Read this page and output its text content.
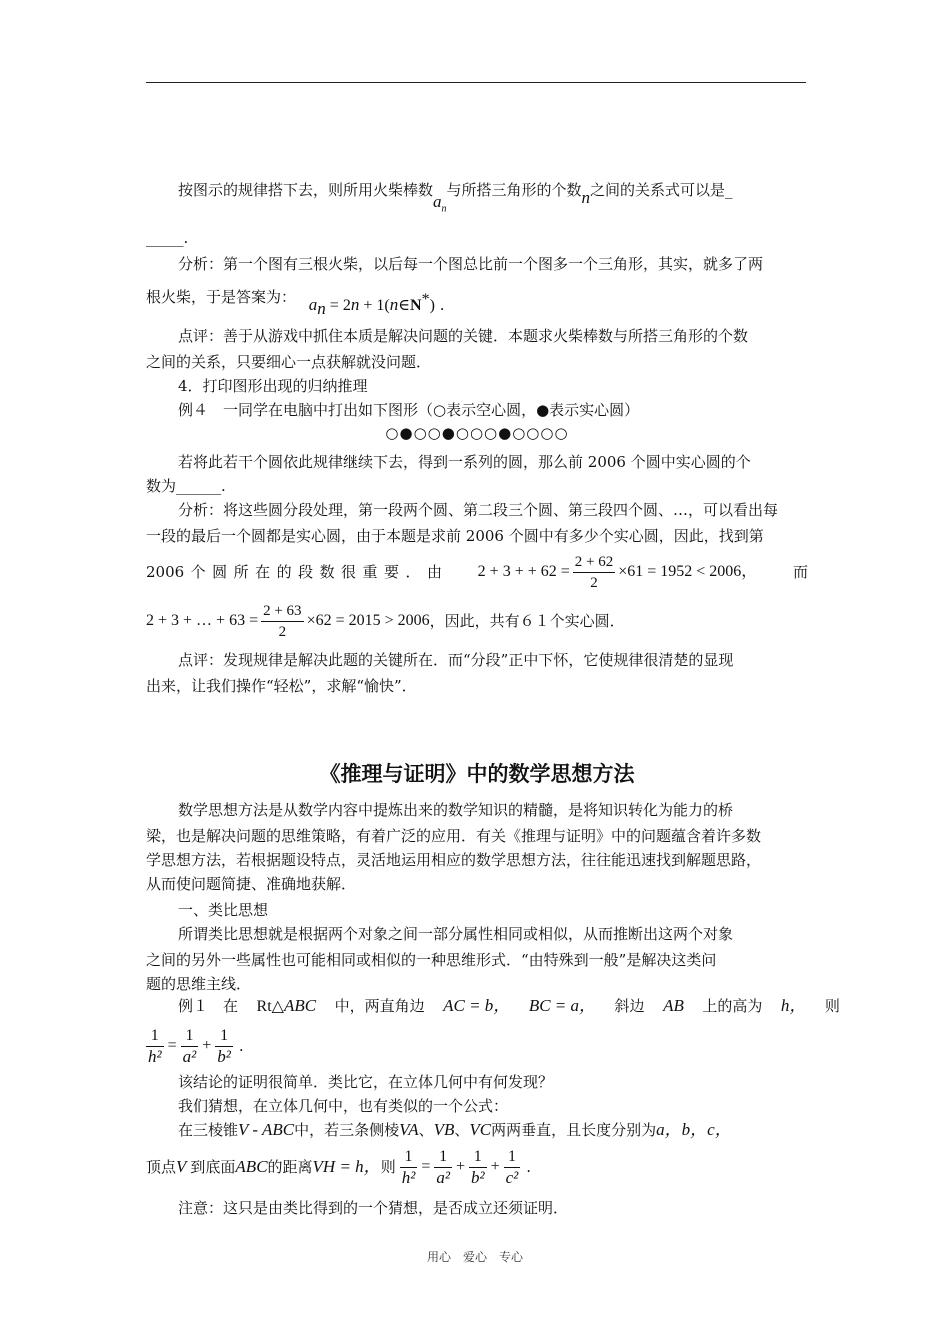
按图示的规律搭下去，则所用火柴棒数$a_n$与所搭三角形的个数n之间的关系式可以是_
_____.
分析：第一个图有三根火柴，以后每一个图总比前一个图多一个三角形，其实，就多了两
根火柴，于是答案为： $a_n = 2n$ + 1(n∈N*) .
点评：善于从游戏中抓住本质是解决问题的关键．本题求火柴棒数与所搭三角形的个数
之间的关系，只要细心一点获解就没问题．
4．打印图形出现的归纳推理
例４　一同学在电脑中打出如下图形（○表示空心圆，●表示实心圆）
○●○○●○○○●○○○○
若将此若干个圆依此规律继续下去，得到一系列的圆，那么前 2006 个圆中实心圆的个
数为______.
分析：将这些圆分段处理，第一段两个圆、第二段三个圆、第三段四个圆、…，可以看出每
一段的最后一个圆都是实心圆，由于本题是求前 2006 个圆中有多少个实心圆，因此，找到第
2006 个 圆 所 在 的 段 数 很 重 要 ． 由 2 + 3 + + $62 = \frac{2 + 62}{2} \times 61 = 1952 < 2006$， 而
2 + 3 + … + $63 = \frac{2 + 63}{2} \times 62 = 2015 > 2006$ ，因此，共有６１个实心圆．
点评：发现规律是解决此题的关键所在．而“分段”正中下怀，它使规律很清楚的显现
出来，让我们操作“轻松”，求解“愉快”．
《推理与证明》中的数学思想方法
数学思想方法是从数学内容中提炼出来的数学知识的精髓，是将知识转化为能力的桥
梁，也是解决问题的思维策略，有着广泛的应用．有关《推理与证明》中的问题蕴含着许多数
学思想方法，若根据题设特点，灵活地运用相应的数学思想方法，往往能迅速找到解题思路，
从而使问题简捷、准确地获解．
一、类比思想
所谓类比思想就是根据两个对象之间一部分属性相同或相似，从而推断出这两个对象
之间的另外一些属性也可能相同或相似的一种思维形式．“由特殊到一般”是解决这类问
题的思维主线．
例１　在 Rt△ABC 中，两直角边 AC = b， BC = a， 斜边 AB 上的高为 h， 则
$\frac{1}{\text{h²}} = \frac{1}{\text{a²}} + \frac{1}{\text{b²}}$ .
该结论的证明很简单．类比它，在立体几何中有何发现？
我们猜想，在立体几何中，也有类似的一个公式：
在三棱锥V - ABC中，若三条侧棱VA、VB、VC两两垂直，且长度分别为a，b，c，
顶点 V 到底面 ABC 的距离 VH = h， 则 $\frac{1}{\text{h²}} = \frac{1}{\text{a²}} + \frac{1}{\text{b²}} + \frac{1}{\text{c²}}$ .
注意：这只是由类比得到的一个猜想，是否成立还须证明．
用心　爱心　专心
